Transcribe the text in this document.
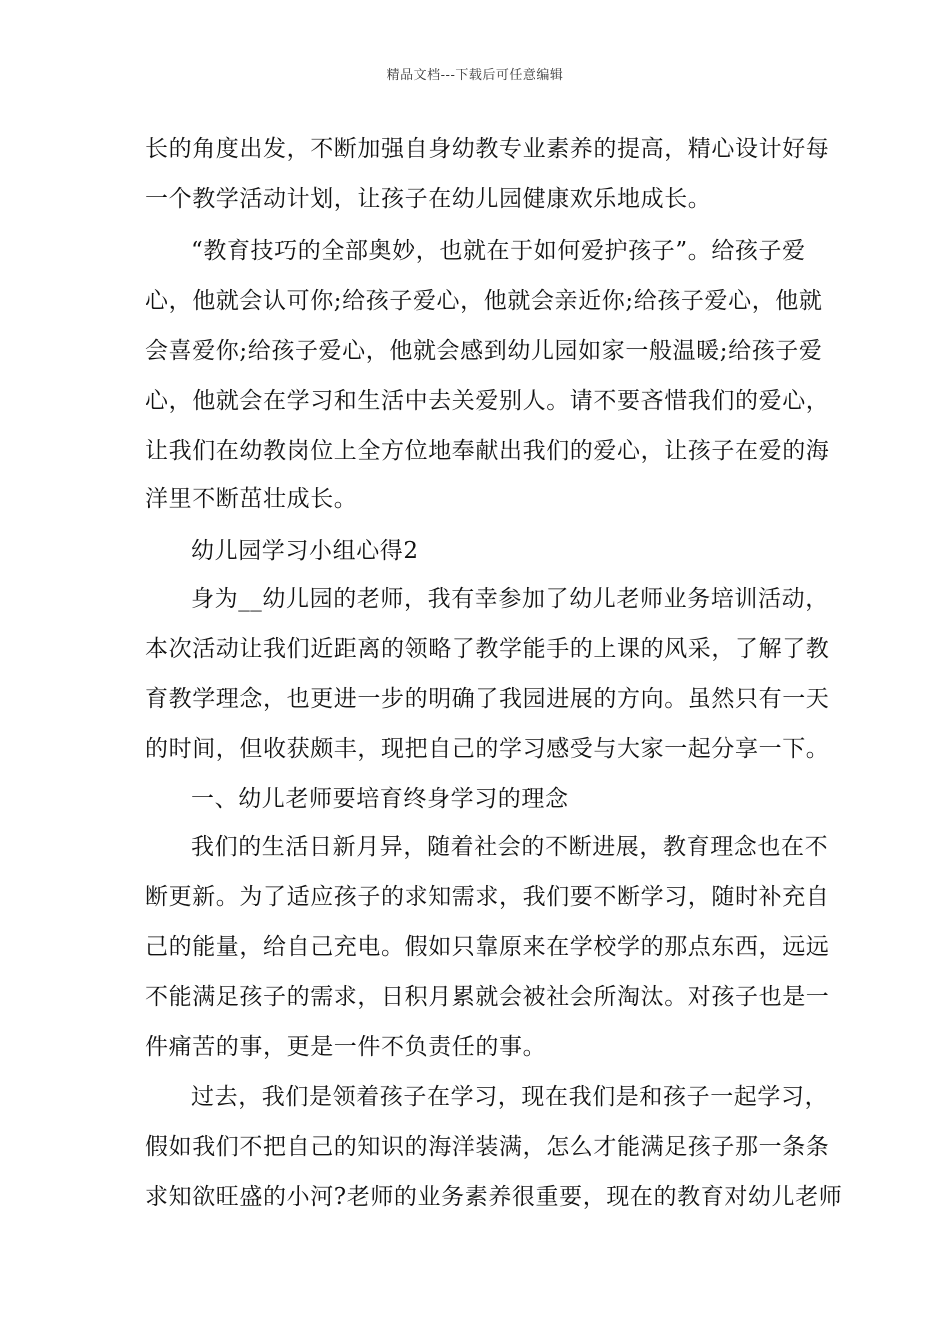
精品文档---下载后可任意编辑
长的角度出发，不断加强自身幼教专业素养的提高，精心设计好每
一个教学活动计划，让孩子在幼儿园健康欢乐地成长。
“教育技巧的全部奥妙，也就在于如何爱护孩子”。给孩子爱
心，他就会认可你;给孩子爱心，他就会亲近你;给孩子爱心，他就
会喜爱你;给孩子爱心，他就会感到幼儿园如家一般温暖;给孩子爱
心，他就会在学习和生活中去关爱别人。请不要吝惜我们的爱心，
让我们在幼教岗位上全方位地奉献出我们的爱心，让孩子在爱的海
洋里不断茁壮成长。
幼儿园学习小组心得2
身为__幼儿园的老师，我有幸参加了幼儿老师业务培训活动，
本次活动让我们近距离的领略了教学能手的上课的风采，了解了教
育教学理念，也更进一步的明确了我园进展的方向。虽然只有一天
的时间，但收获颇丰，现把自己的学习感受与大家一起分享一下。
一、幼儿老师要培育终身学习的理念
我们的生活日新月异，随着社会的不断进展，教育理念也在不
断更新。为了适应孩子的求知需求，我们要不断学习，随时补充自
己的能量，给自己充电。假如只靠原来在学校学的那点东西，远远
不能满足孩子的需求，日积月累就会被社会所淘汰。对孩子也是一
件痛苦的事，更是一件不负责任的事。
过去，我们是领着孩子在学习，现在我们是和孩子一起学习，
假如我们不把自己的知识的海洋装满，怎么才能满足孩子那一条条
求知欲旺盛的小河?老师的业务素养很重要，现在的教育对幼儿老师
